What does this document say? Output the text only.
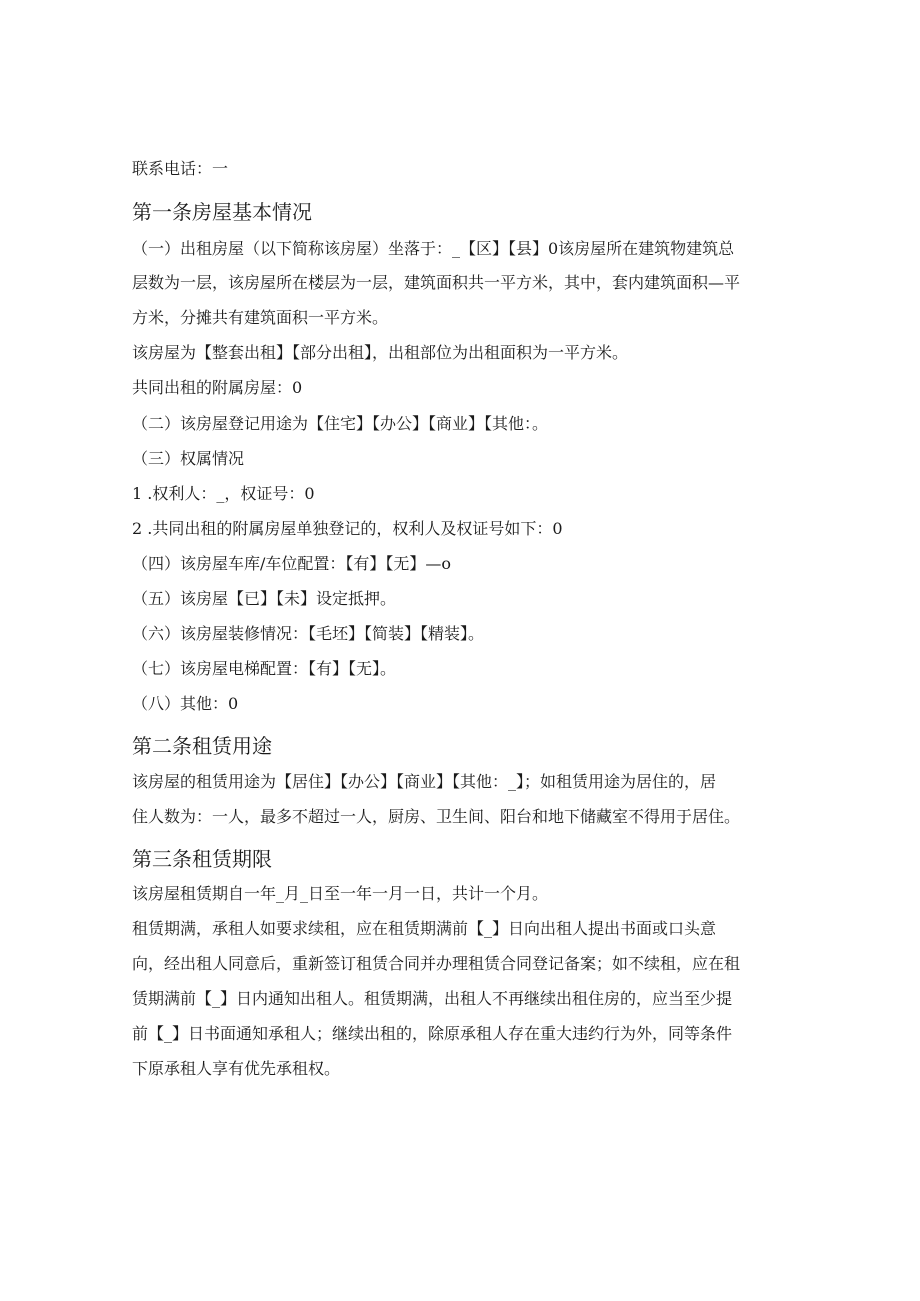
联系电话：一
第一条房屋基本情况
（一）出租房屋（以下简称该房屋）坐落于：_【区】【县】0该房屋所在建筑物建筑总
层数为一层，该房屋所在楼层为一层，建筑面积共一平方米，其中，套内建筑面积—平
方米，分摊共有建筑面积一平方米。
该房屋为【整套出租】【部分出租】，出租部位为出租面积为一平方米。
共同出租的附属房屋：0
（二）该房屋登记用途为【住宅】【办公】【商业】【其他：。
（三）权属情况
1 .权利人：_，权证号：0
2 .共同出租的附属房屋单独登记的，权利人及权证号如下：0
（四）该房屋车库/车位配置：【有】【无】—o
（五）该房屋【已】【未】设定抵押。
（六）该房屋装修情况：【毛坯】【简装】【精装】。
（七）该房屋电梯配置：【有】【无】。
（八）其他：0
第二条租赁用途
该房屋的租赁用途为【居住】【办公】【商业】【其他：_】；如租赁用途为居住的，居
住人数为：一人，最多不超过一人，厨房、卫生间、阳台和地下储藏室不得用于居住。
第三条租赁期限
该房屋租赁期自一年_月_日至一年一月一日，共计一个月。
租赁期满，承租人如要求续租，应在租赁期满前【_】日向出租人提出书面或口头意
向，经出租人同意后，重新签订租赁合同并办理租赁合同登记备案；如不续租，应在租
赁期满前【_】日内通知出租人。租赁期满，出租人不再继续出租住房的，应当至少提
前【_】日书面通知承租人；继续出租的，除原承租人存在重大违约行为外，同等条件
下原承租人享有优先承租权。
